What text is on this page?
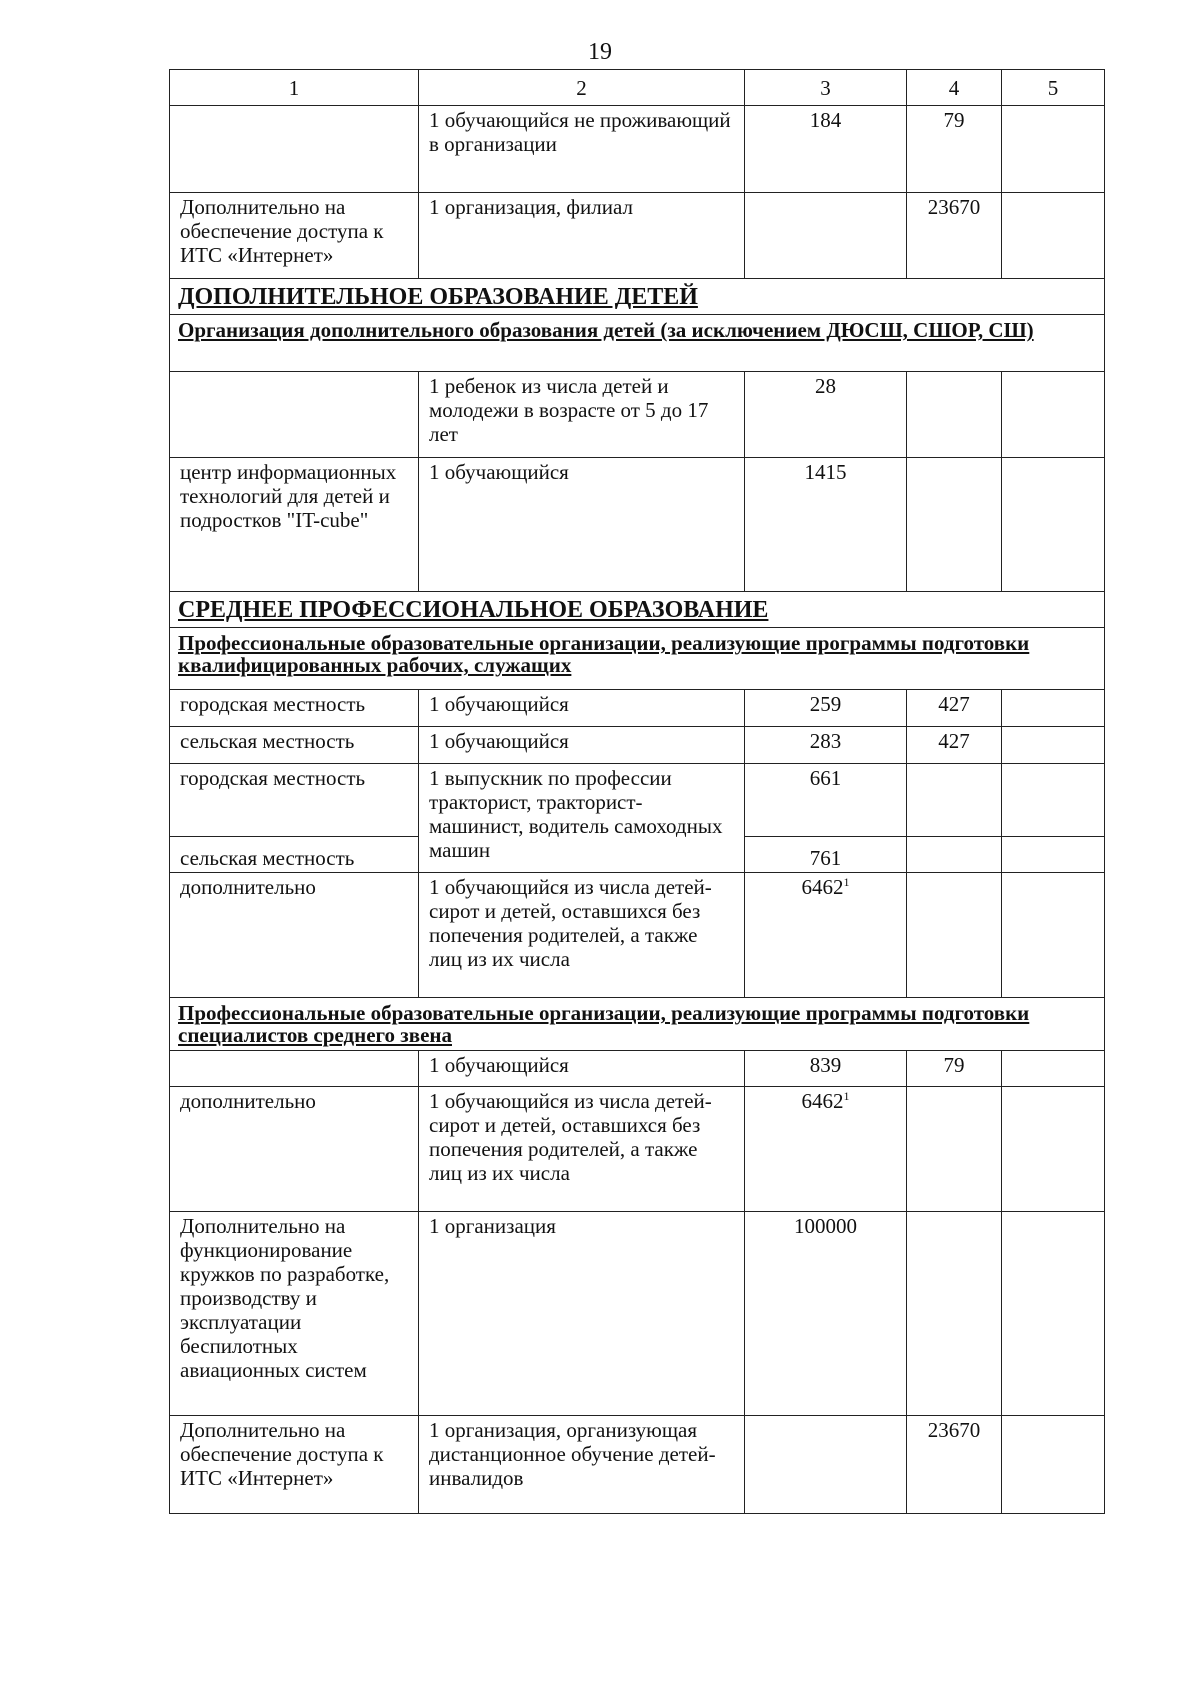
19
1	2	3	4	5
	1 обучающийся не проживающий в организации	184	79	
Дополнительно на обеспечение доступа к ИТС «Интернет»	1 организация, филиал		23670	
ДОПОЛНИТЕЛЬНОЕ ОБРАЗОВАНИЕ ДЕТЕЙ				
Организация дополнительного образования детей (за исключением ДЮСШ, СШОР, СШ)				
	1 ребенок из числа детей и молодежи в возрасте от 5 до 17 лет	28		
центр информационных технологий для детей и подростков "IT-cube"	1 обучающийся	1415		
СРЕДНЕЕ ПРОФЕССИОНАЛЬНОЕ ОБРАЗОВАНИЕ				
Профессиональные образовательные организации, реализующие программы подготовки квалифицированных рабочих, служащих				
городская местность	1 обучающийся	259	427	
сельская местность	1 обучающийся	283	427	
городская местность	1 выпускник по профессии тракторист, тракторист-машинист, водитель самоходных машин	661		
сельская местность		761		
дополнительно	1 обучающийся из числа детей-сирот и детей, оставшихся без попечения родителей, а также лиц из их числа	6462$^1$		
Профессиональные образовательные организации, реализующие программы подготовки специалистов среднего звена				
	1 обучающийся	839	79	
дополнительно	1 обучающийся из числа детей-сирот и детей, оставшихся без попечения родителей, а также лиц из их числа	6462$^1$		
Дополнительно на функционирование кружков по разработке, производству и эксплуатации беспилотных авиационных систем	1 организация	100000		
Дополнительно на обеспечение доступа к ИТС «Интернет»	1 организация, организующая дистанционное обучение детей-инвалидов		23670	
